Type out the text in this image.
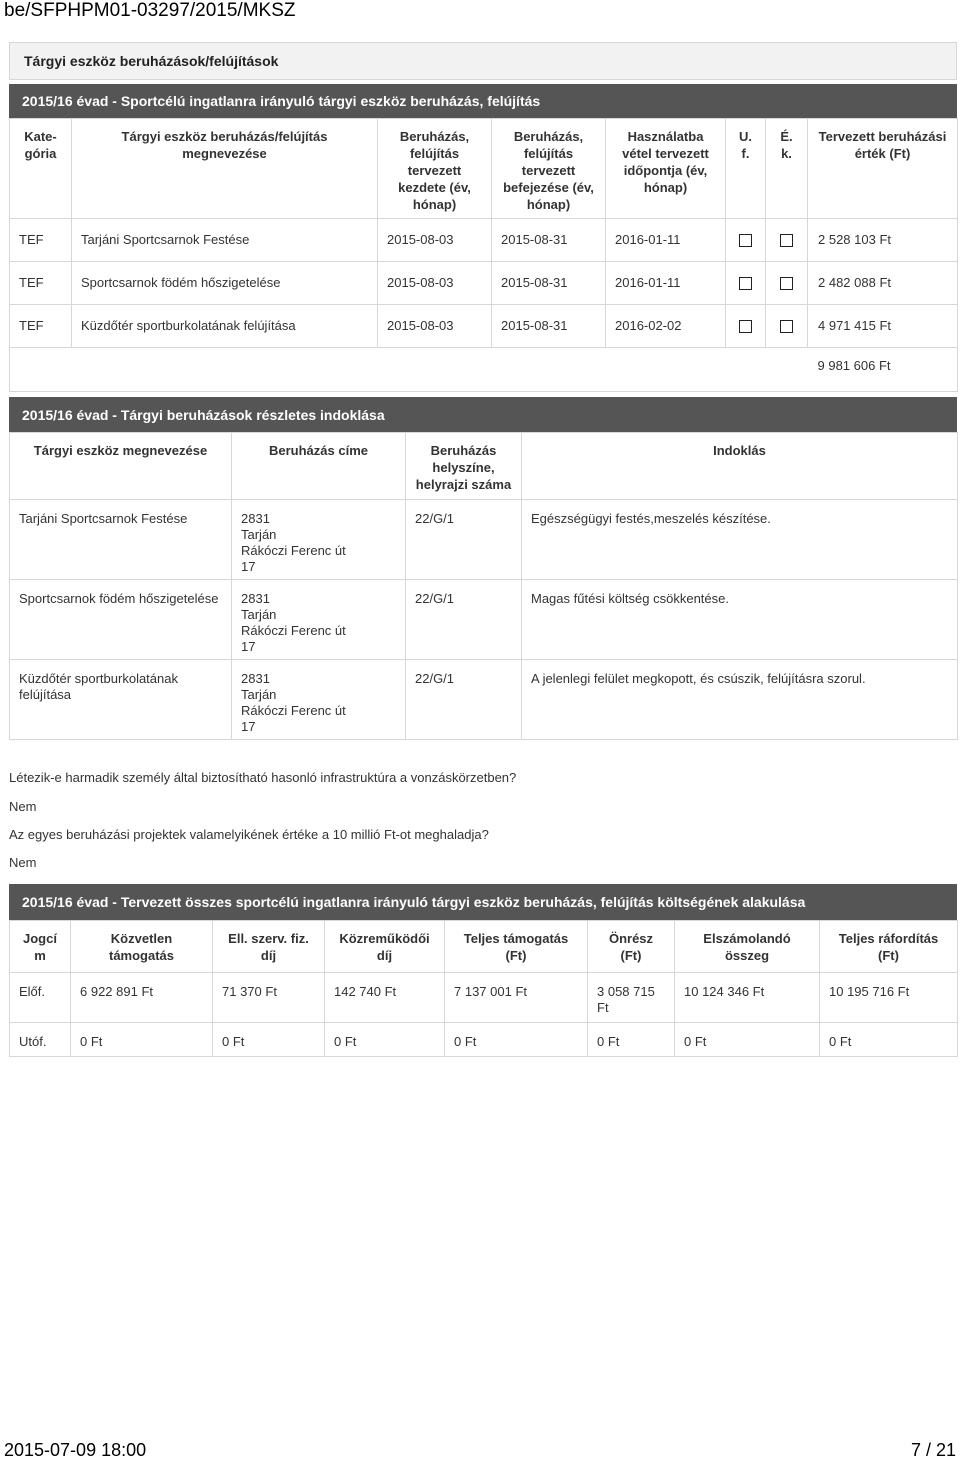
be/SFPHPM01-03297/2015/MKSZ
Tárgyi eszköz beruházások/felújítások
2015/16 évad - Sportcélú ingatlanra irányuló tárgyi eszköz beruházás, felújítás
Kate-
gória	Tárgyi eszköz beruházás/felújítás
megnevezése	Beruházás,
felújítás
tervezett
kezdete (év,
hónap)	Beruházás,
felújítás
tervezett
befejezése (év,
hónap)	Használatba
vétel tervezett
időpontja (év,
hónap)	U.
f.	É.
k.	Tervezett beruházási
érték (Ft)
TEF	Tarjáni Sportcsarnok Festése	2015-08-03	2015-08-31	2016-01-11			2 528 103 Ft
TEF	Sportcsarnok födém hőszigetelése	2015-08-03	2015-08-31	2016-01-11			2 482 088 Ft
TEF	Küzdőtér sportburkolatának felújítása	2015-08-03	2015-08-31	2016-02-02			4 971 415 Ft
							9 981 606 Ft
2015/16 évad - Tárgyi beruházások részletes indoklása
Tárgyi eszköz megnevezése	Beruházás címe	Beruházás
helyszíne,
helyrajzi száma	Indoklás
Tarjáni Sportcsarnok Festése	2831
Tarján
Rákóczi Ferenc út
17	22/G/1	Egészségügyi festés,meszelés készítése.
Sportcsarnok födém hőszigetelése	2831
Tarján
Rákóczi Ferenc út
17	22/G/1	Magas fűtési költség csökkentése.
Küzdőtér sportburkolatának
felújítása	2831
Tarján
Rákóczi Ferenc út
17	22/G/1	A jelenlegi felület megkopott, és csúszik, felújításra szorul.
Létezik-e harmadik személy által biztosítható hasonló infrastruktúra a vonzáskörzetben?
Nem
Az egyes beruházási projektek valamelyikének értéke a 10 millió Ft-ot meghaladja?
Nem
2015/16 évad - Tervezett összes sportcélú ingatlanra irányuló tárgyi eszköz beruházás, felújítás költségének alakulása
Jogcí
m	Közvetlen
támogatás	Ell. szerv. fiz.
díj	Közreműködői
díj	Teljes támogatás
(Ft)	Önrész
(Ft)	Elszámolandó
összeg	Teljes ráfordítás
(Ft)
Előf.	6 922 891 Ft	71 370 Ft	142 740 Ft	7 137 001 Ft	3 058 715
Ft	10 124 346 Ft	10 195 716 Ft
Utóf.	0 Ft	0 Ft	0 Ft	0 Ft	0 Ft	0 Ft	0 Ft
2015-07-09 18:00	7 / 21
